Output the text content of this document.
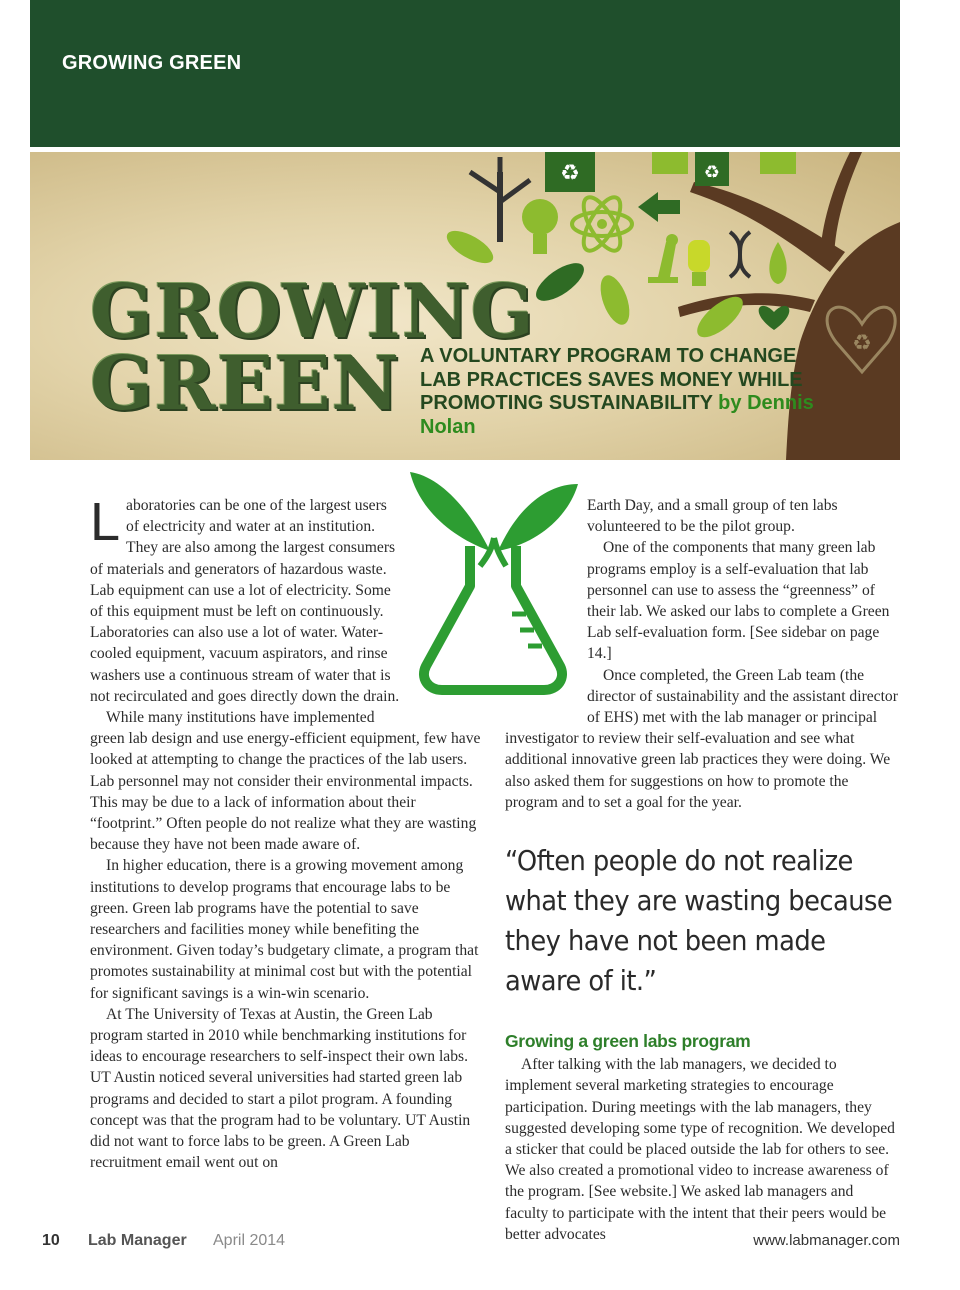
GROWING GREEN
♻	♻
♻
GROWING
GREEN A VOLUNTARY PROGRAM TO CHANGE LAB PRACTICES SAVES MONEY WHILE PROMOTING SUSTAINABILITY by Dennis Nolan

Laboratories can be one of the largest users of electricity and water at an institution. They are also among the largest consumers of materials and generators of hazardous waste. Lab equipment can use a lot of electricity. Some of this equipment must be left on continuously. Laboratories can also use a lot of water. Water-cooled equipment, vacuum aspirators, and rinse washers use a continuous stream of water that is not recirculated and goes directly down the drain.

While many institutions have implemented green lab design and use energy-efficient equipment, few have looked at attempting to change the practices of the lab users. Lab personnel may not consider their environmental impacts. This may be due to a lack of information about their “footprint.” Often people do not realize what they are wasting because they have not been made aware of.

In higher education, there is a growing movement among institutions to develop programs that encourage labs to be green. Green lab programs have the potential to save researchers and facilities money while benefiting the environment. Given today’s budgetary climate, a program that promotes sustainability at minimal cost but with the potential for significant savings is a win-win scenario.

At The University of Texas at Austin, the Green Lab program started in 2010 while benchmarking institutions for ideas to encourage researchers to self-inspect their own labs. UT Austin noticed several universities had started green lab programs and decided to start a pilot program. A founding concept was that the program had to be voluntary. UT Austin did not want to force labs to be green. A Green Lab recruitment email went out on

Earth Day, and a small group of ten labs volunteered to be the pilot group.

One of the components that many green lab programs employ is a self-evaluation that lab personnel can use to assess the “greenness” of their lab. We asked our labs to complete a Green Lab self-evaluation form. [See sidebar on page 14.]

Once completed, the Green Lab team (the director of sustainability and the assistant director of EHS) met with the lab manager or principal investigator to review their self-evaluation and see what additional innovative green lab practices they were doing. We also asked them for suggestions on how to promote the program and to set a goal for the year.

“Often people do not realize what they are wasting because they have not been made aware of it.”

Growing a green labs program

After talking with the lab managers, we decided to implement several marketing strategies to encourage participation. During meetings with the lab managers, they suggested developing some type of recognition. We developed a sticker that could be placed outside the lab for others to see. We also created a promotional video to increase awareness of the program. [See website.] We asked lab managers and faculty to participate with the intent that their peers would be better advocates

10 Lab Manager April 2014	www.labmanager.com
